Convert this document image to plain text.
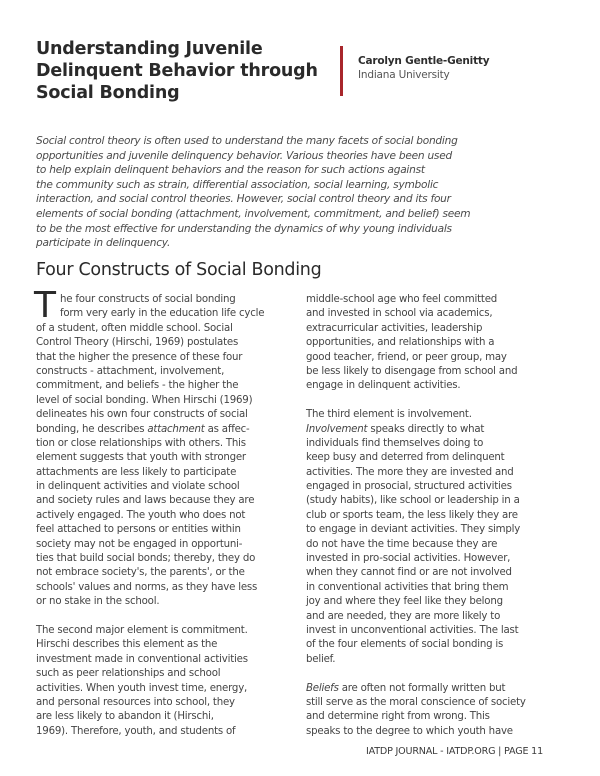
Understanding Juvenile
Delinquent Behavior through
Social Bonding
Carolyn Gentle-Genitty
Indiana University
Social control theory is often used to understand the many facets of social bonding
opportunities and juvenile delinquency behavior. Various theories have been used
to help explain delinquent behaviors and the reason for such actions against
the community such as strain, differential association, social learning, symbolic
interaction, and social control theories. However, social control theory and its four
elements of social bonding (attachment, involvement, commitment, and belief) seem
to be the most effective for understanding the dynamics of why young individuals
participate in delinquency.
Four Constructs of Social Bonding
T he four constructs of social bonding
form very early in the education life cycle
of a student, often middle school. Social
Control Theory (Hirschi, 1969) postulates
that the higher the presence of these four
constructs - attachment, involvement,
commitment, and beliefs - the higher the
level of social bonding. When Hirschi (1969)
delineates his own four constructs of social
bonding, he describes attachment as affec-
tion or close relationships with others. This
element suggests that youth with stronger
attachments are less likely to participate
in delinquent activities and violate school
and society rules and laws because they are
actively engaged. The youth who does not
feel attached to persons or entities within
society may not be engaged in opportuni-
ties that build social bonds; thereby, they do
not embrace society's, the parents', or the
schools' values and norms, as they have less
or no stake in the school.
The second major element is commitment.
Hirschi describes this element as the
investment made in conventional activities
such as peer relationships and school
activities. When youth invest time, energy,
and personal resources into school, they
are less likely to abandon it (Hirschi,
1969). Therefore, youth, and students of
middle-school age who feel committed
and invested in school via academics,
extracurricular activities, leadership
opportunities, and relationships with a
good teacher, friend, or peer group, may
be less likely to disengage from school and
engage in delinquent activities.
The third element is involvement.
Involvement speaks directly to what
individuals find themselves doing to
keep busy and deterred from delinquent
activities. The more they are invested and
engaged in prosocial, structured activities
(study habits), like school or leadership in a
club or sports team, the less likely they are
to engage in deviant activities. They simply
do not have the time because they are
invested in pro-social activities. However,
when they cannot find or are not involved
in conventional activities that bring them
joy and where they feel like they belong
and are needed, they are more likely to
invest in unconventional activities. The last
of the four elements of social bonding is
belief.
Beliefs are often not formally written but
still serve as the moral conscience of society
and determine right from wrong. This
speaks to the degree to which youth have
IATDP JOURNAL - IATDP.ORG | PAGE 11
